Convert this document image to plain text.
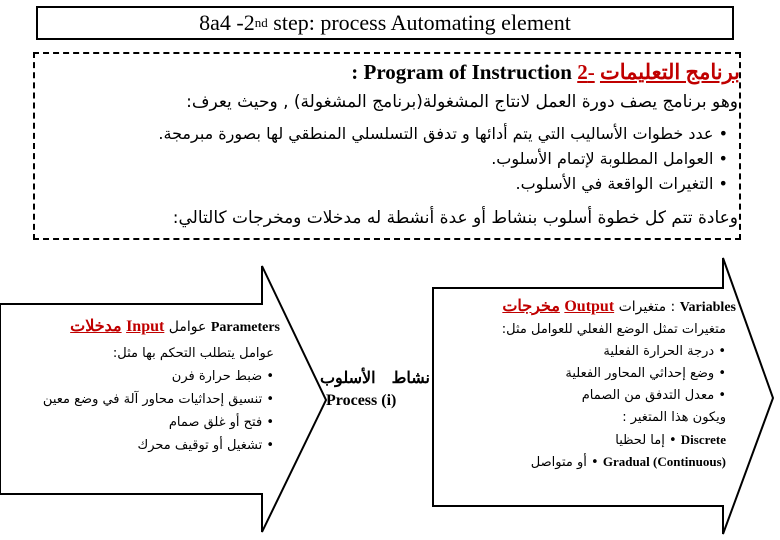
8a4 -2 nd step: process Automating element
: Program of Instruction برنامج التعليمات -2
وهو برنامج يصف دورة العمل لانتاج المشغولة(برنامج المشغولة) , وحيث يعرف:
• عدد خطوات الأساليب التي يتم أدائها و تدفق التسلسلي المنطقي لها بصورة مبرمجة.
• العوامل المطلوبة لإتمام الأسلوب.
• التغيرات الواقعة في الأسلوب.
وعادة تتم كل خطوة أسلوب بنشاط أو عدة أنشطة له مدخلات ومخرجات كالتالي:
Parameters عوامل Input مدخلات
عوامل يتطلب التحكم بها مثل:
• ضبط حرارة فرن
• تنسيق إحداثيات محاور آلة في وضع معين
• فتح أو غلق صمام
• تشغيل أو توقيف محرك
نشاط    الأسلوب
Process (i)
Variables : متغيرات Output مخرجات
متغيرات تمثل الوضع الفعلي للعوامل مثل:
• درجة الحرارة الفعلية
• وضع إحداثي المحاور الفعلية
• معدل التدفق من الصمام
ويكون هذا المتغير :
Discrete • إما لحظيا
Gradual (Continuous) • أو متواصل
